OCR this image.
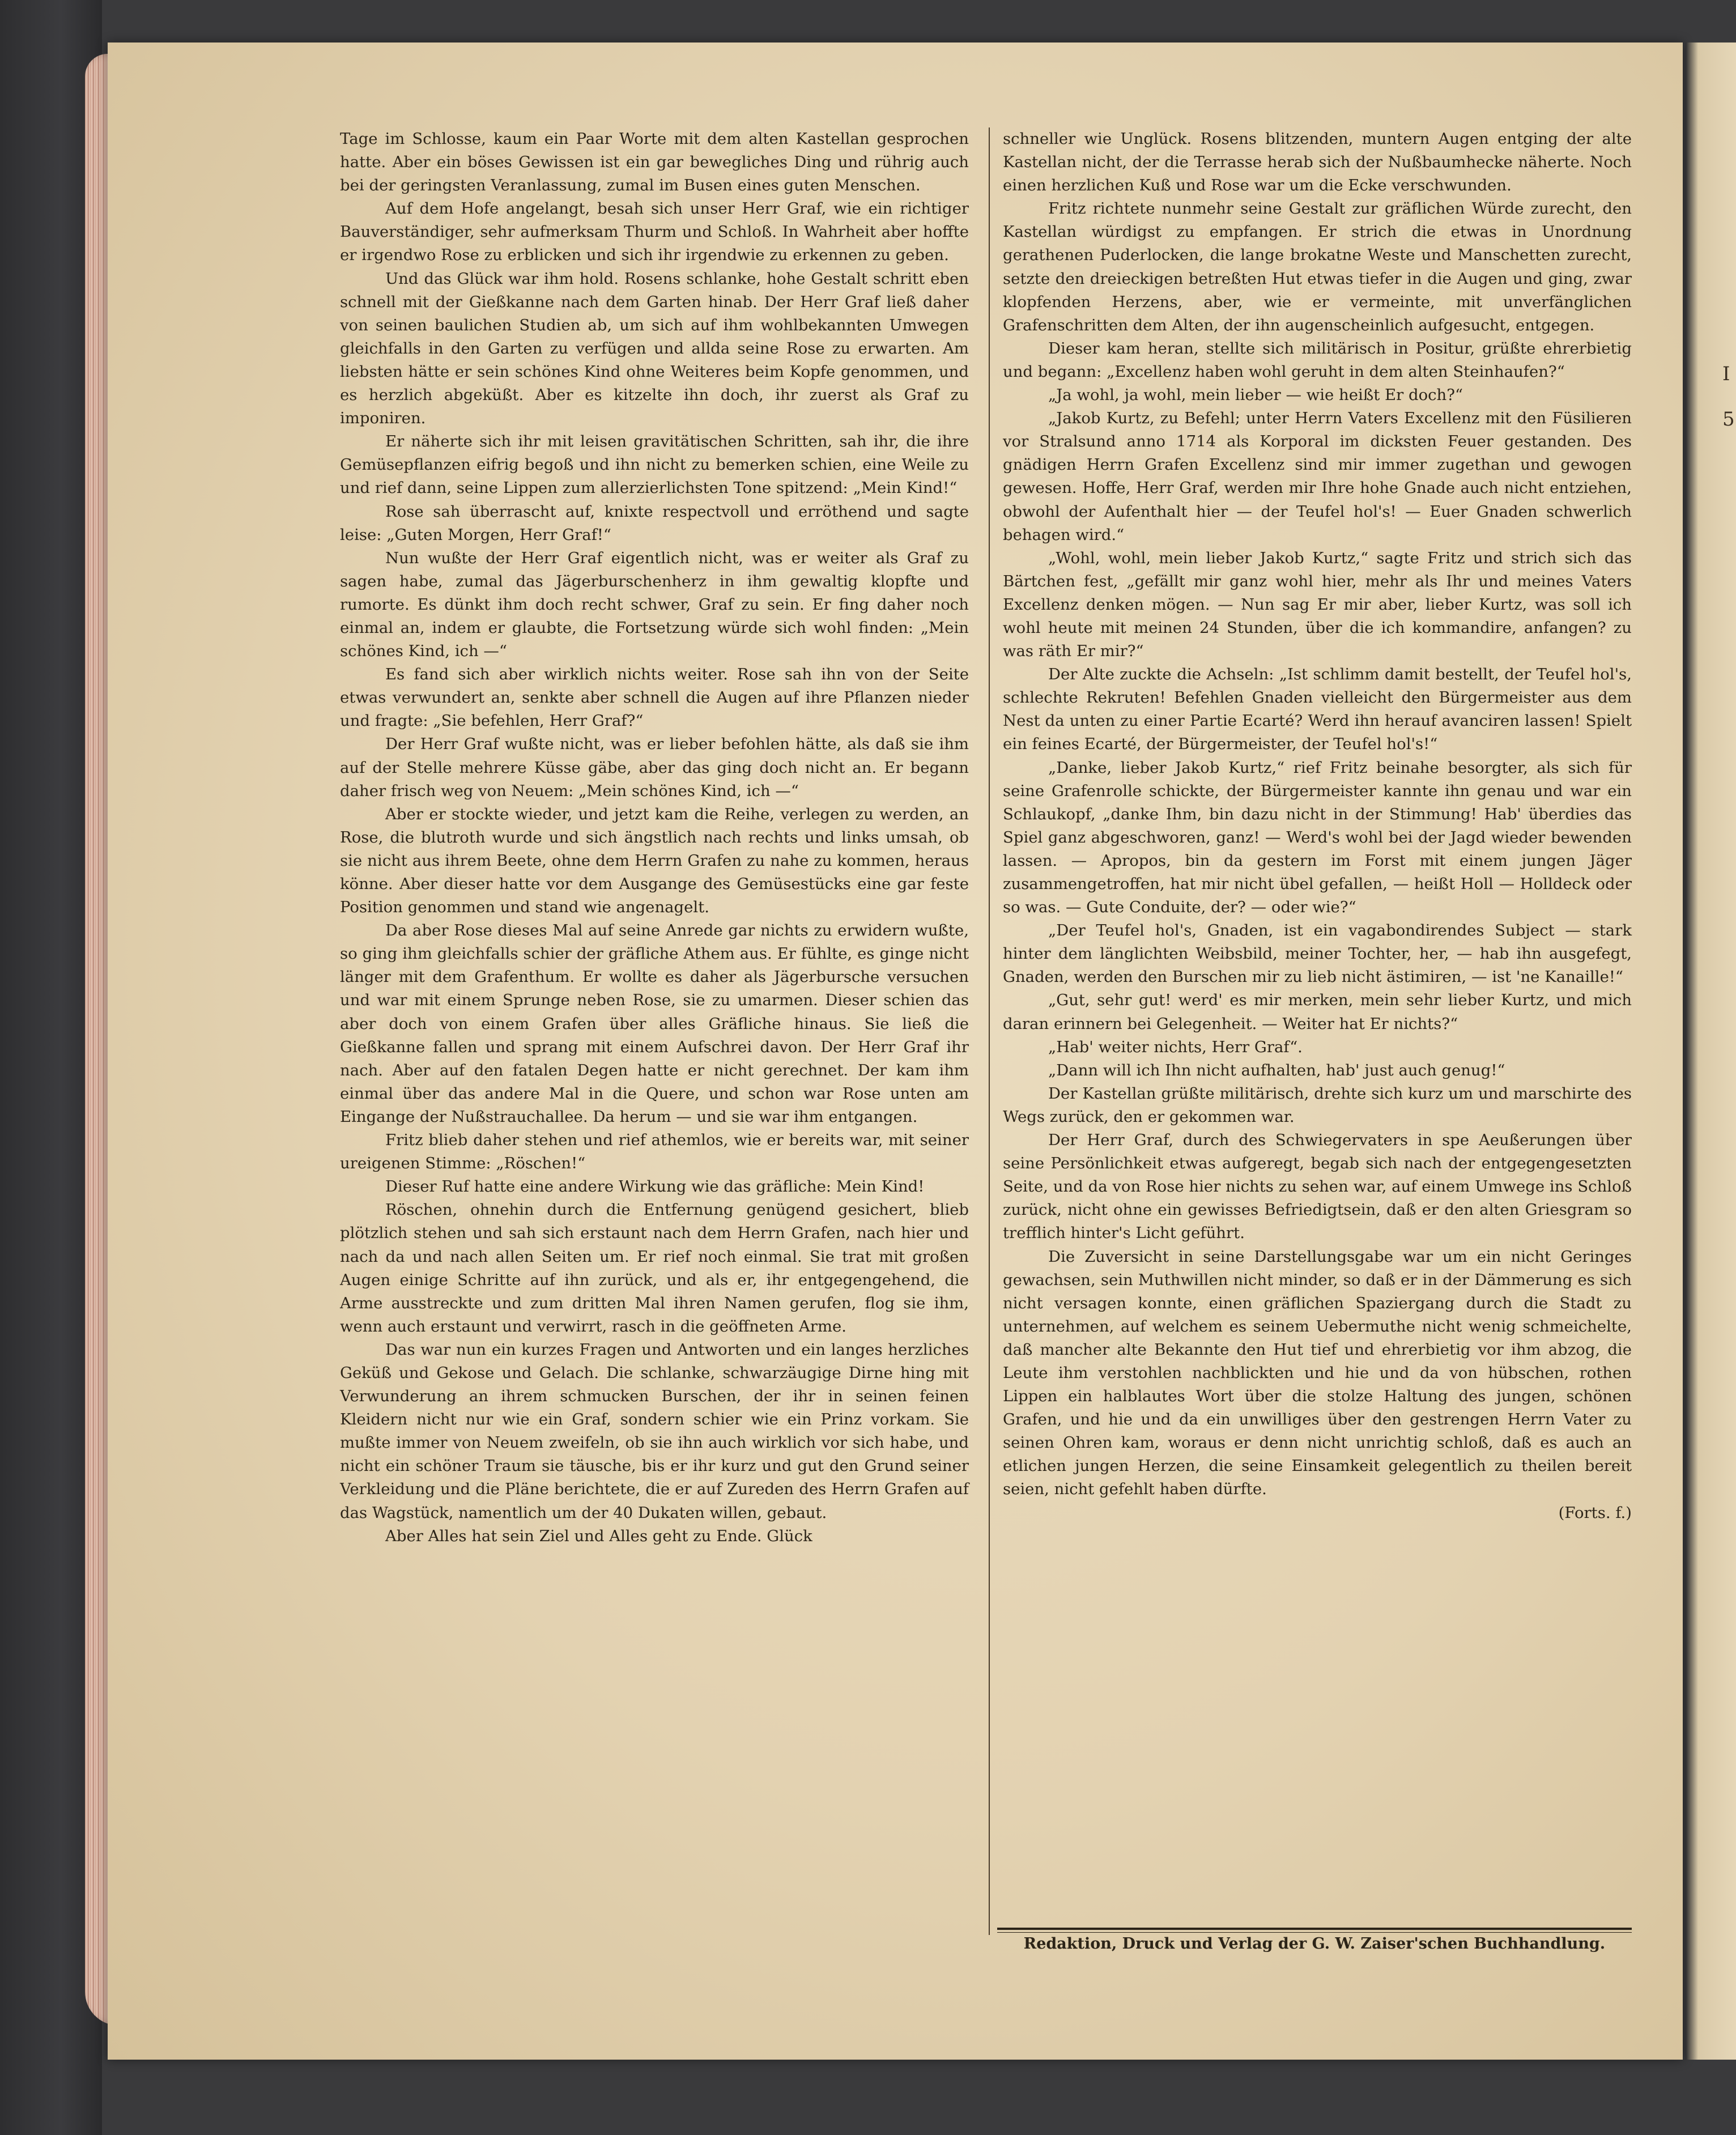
I
5

Tage im Schlosse, kaum ein Paar Worte mit dem alten Kastellan gesprochen hatte. Aber ein böses Gewissen ist ein gar bewegliches Ding und rührig auch bei der geringsten Veranlassung, zumal im Busen eines guten Menschen.

Auf dem Hofe angelangt, besah sich unser Herr Graf, wie ein richtiger Bauverständiger, sehr aufmerksam Thurm und Schloß. In Wahrheit aber hoffte er irgendwo Rose zu erblicken und sich ihr irgendwie zu erkennen zu geben.

Und das Glück war ihm hold. Rosens schlanke, hohe Gestalt schritt eben schnell mit der Gießkanne nach dem Garten hinab. Der Herr Graf ließ daher von seinen baulichen Studien ab, um sich auf ihm wohlbekannten Umwegen gleichfalls in den Garten zu verfügen und allda seine Rose zu erwarten. Am liebsten hätte er sein schönes Kind ohne Weiteres beim Kopfe genommen, und es herzlich abgeküßt. Aber es kitzelte ihn doch, ihr zuerst als Graf zu imponiren.

Er näherte sich ihr mit leisen gravitätischen Schritten, sah ihr, die ihre Gemüsepflanzen eifrig begoß und ihn nicht zu bemerken schien, eine Weile zu und rief dann, seine Lippen zum allerzierlichsten Tone spitzend: „Mein Kind!“

Rose sah überrascht auf, knixte respectvoll und erröthend und sagte leise: „Guten Morgen, Herr Graf!“

Nun wußte der Herr Graf eigentlich nicht, was er weiter als Graf zu sagen habe, zumal das Jägerburschenherz in ihm gewaltig klopfte und rumorte. Es dünkt ihm doch recht schwer, Graf zu sein. Er fing daher noch einmal an, indem er glaubte, die Fortsetzung würde sich wohl finden: „Mein schönes Kind, ich —“

Es fand sich aber wirklich nichts weiter. Rose sah ihn von der Seite etwas verwundert an, senkte aber schnell die Augen auf ihre Pflanzen nieder und fragte: „Sie befehlen, Herr Graf?“

Der Herr Graf wußte nicht, was er lieber befohlen hätte, als daß sie ihm auf der Stelle mehrere Küsse gäbe, aber das ging doch nicht an. Er begann daher frisch weg von Neuem: „Mein schönes Kind, ich —“

Aber er stockte wieder, und jetzt kam die Reihe, verlegen zu werden, an Rose, die blutroth wurde und sich ängstlich nach rechts und links umsah, ob sie nicht aus ihrem Beete, ohne dem Herrn Grafen zu nahe zu kommen, heraus könne. Aber dieser hatte vor dem Ausgange des Gemüsestücks eine gar feste Position genommen und stand wie angenagelt.

Da aber Rose dieses Mal auf seine Anrede gar nichts zu erwidern wußte, so ging ihm gleichfalls schier der gräfliche Athem aus. Er fühlte, es ginge nicht länger mit dem Grafenthum. Er wollte es daher als Jägerbursche versuchen und war mit einem Sprunge neben Rose, sie zu umarmen. Dieser schien das aber doch von einem Grafen über alles Gräfliche hinaus. Sie ließ die Gießkanne fallen und sprang mit einem Aufschrei davon. Der Herr Graf ihr nach. Aber auf den fatalen Degen hatte er nicht gerechnet. Der kam ihm einmal über das andere Mal in die Quere, und schon war Rose unten am Eingange der Nußstrauchallee. Da herum — und sie war ihm entgangen.

Fritz blieb daher stehen und rief athemlos, wie er bereits war, mit seiner ureigenen Stimme: „Röschen!“

Dieser Ruf hatte eine andere Wirkung wie das gräfliche: Mein Kind!

Röschen, ohnehin durch die Entfernung genügend gesichert, blieb plötzlich stehen und sah sich erstaunt nach dem Herrn Grafen, nach hier und nach da und nach allen Seiten um. Er rief noch einmal. Sie trat mit großen Augen einige Schritte auf ihn zurück, und als er, ihr entgegengehend, die Arme ausstreckte und zum dritten Mal ihren Namen gerufen, flog sie ihm, wenn auch erstaunt und verwirrt, rasch in die geöffneten Arme.

Das war nun ein kurzes Fragen und Antworten und ein langes herzliches Geküß und Gekose und Gelach. Die schlanke, schwarzäugige Dirne hing mit Verwunderung an ihrem schmucken Burschen, der ihr in seinen feinen Kleidern nicht nur wie ein Graf, sondern schier wie ein Prinz vorkam. Sie mußte immer von Neuem zweifeln, ob sie ihn auch wirklich vor sich habe, und nicht ein schöner Traum sie täusche, bis er ihr kurz und gut den Grund seiner Verkleidung und die Pläne berichtete, die er auf Zureden des Herrn Grafen auf das Wagstück, namentlich um der 40 Dukaten willen, gebaut.

Aber Alles hat sein Ziel und Alles geht zu Ende. Glück

schneller wie Unglück. Rosens blitzenden, muntern Augen entging der alte Kastellan nicht, der die Terrasse herab sich der Nußbaumhecke näherte. Noch einen herzlichen Kuß und Rose war um die Ecke verschwunden.

Fritz richtete nunmehr seine Gestalt zur gräflichen Würde zurecht, den Kastellan würdigst zu empfangen. Er strich die etwas in Unordnung gerathenen Puderlocken, die lange brokatne Weste und Manschetten zurecht, setzte den dreieckigen betreßten Hut etwas tiefer in die Augen und ging, zwar klopfenden Herzens, aber, wie er vermeinte, mit unverfänglichen Grafenschritten dem Alten, der ihn augenscheinlich aufgesucht, entgegen.

Dieser kam heran, stellte sich militärisch in Positur, grüßte ehrerbietig und begann: „Excellenz haben wohl geruht in dem alten Steinhaufen?“

„Ja wohl, ja wohl, mein lieber — wie heißt Er doch?“

„Jakob Kurtz, zu Befehl; unter Herrn Vaters Excellenz mit den Füsilieren vor Stralsund anno 1714 als Korporal im dicksten Feuer gestanden. Des gnädigen Herrn Grafen Excellenz sind mir immer zugethan und gewogen gewesen. Hoffe, Herr Graf, werden mir Ihre hohe Gnade auch nicht entziehen, obwohl der Aufenthalt hier — der Teufel hol's! — Euer Gnaden schwerlich behagen wird.“

„Wohl, wohl, mein lieber Jakob Kurtz,“ sagte Fritz und strich sich das Bärtchen fest, „gefällt mir ganz wohl hier, mehr als Ihr und meines Vaters Excellenz denken mögen. — Nun sag Er mir aber, lieber Kurtz, was soll ich wohl heute mit meinen 24 Stunden, über die ich kommandire, anfangen? zu was räth Er mir?“

Der Alte zuckte die Achseln: „Ist schlimm damit bestellt, der Teufel hol's, schlechte Rekruten! Befehlen Gnaden vielleicht den Bürgermeister aus dem Nest da unten zu einer Partie Ecarté? Werd ihn herauf avanciren lassen! Spielt ein feines Ecarté, der Bürgermeister, der Teufel hol's!“

„Danke, lieber Jakob Kurtz,“ rief Fritz beinahe besorgter, als sich für seine Grafenrolle schickte, der Bürgermeister kannte ihn genau und war ein Schlaukopf, „danke Ihm, bin dazu nicht in der Stimmung! Hab' überdies das Spiel ganz abgeschworen, ganz! — Werd's wohl bei der Jagd wieder bewenden lassen. — Apropos, bin da gestern im Forst mit einem jungen Jäger zusammengetroffen, hat mir nicht übel gefallen, — heißt Holl — Holldeck oder so was. — Gute Conduite, der? — oder wie?“

„Der Teufel hol's, Gnaden, ist ein vagabondirendes Subject — stark hinter dem länglichten Weibsbild, meiner Tochter, her, — hab ihn ausgefegt, Gnaden, werden den Burschen mir zu lieb nicht ästimiren, — ist 'ne Kanaille!“

„Gut, sehr gut! werd' es mir merken, mein sehr lieber Kurtz, und mich daran erinnern bei Gelegenheit. — Weiter hat Er nichts?“

„Hab' weiter nichts, Herr Graf“.

„Dann will ich Ihn nicht aufhalten, hab' just auch genug!“

Der Kastellan grüßte militärisch, drehte sich kurz um und marschirte des Wegs zurück, den er gekommen war.

Der Herr Graf, durch des Schwiegervaters in spe Aeußerungen über seine Persönlichkeit etwas aufgeregt, begab sich nach der entgegengesetzten Seite, und da von Rose hier nichts zu sehen war, auf einem Umwege ins Schloß zurück, nicht ohne ein gewisses Befriedigtsein, daß er den alten Griesgram so trefflich hinter's Licht geführt.

Die Zuversicht in seine Darstellungsgabe war um ein nicht Geringes gewachsen, sein Muthwillen nicht minder, so daß er in der Dämmerung es sich nicht versagen konnte, einen gräflichen Spaziergang durch die Stadt zu unternehmen, auf welchem es seinem Uebermuthe nicht wenig schmeichelte, daß mancher alte Bekannte den Hut tief und ehrerbietig vor ihm abzog, die Leute ihm verstohlen nachblickten und hie und da von hübschen, rothen Lippen ein halblautes Wort über die stolze Haltung des jungen, schönen Grafen, und hie und da ein unwilliges über den gestrengen Herrn Vater zu seinen Ohren kam, woraus er denn nicht unrichtig schloß, daß es auch an etlichen jungen Herzen, die seine Einsamkeit gelegentlich zu theilen bereit seien, nicht gefehlt haben dürfte.

(Forts. f.)

Redaktion, Druck und Verlag der G. W. Zaiser'schen Buchhandlung.
